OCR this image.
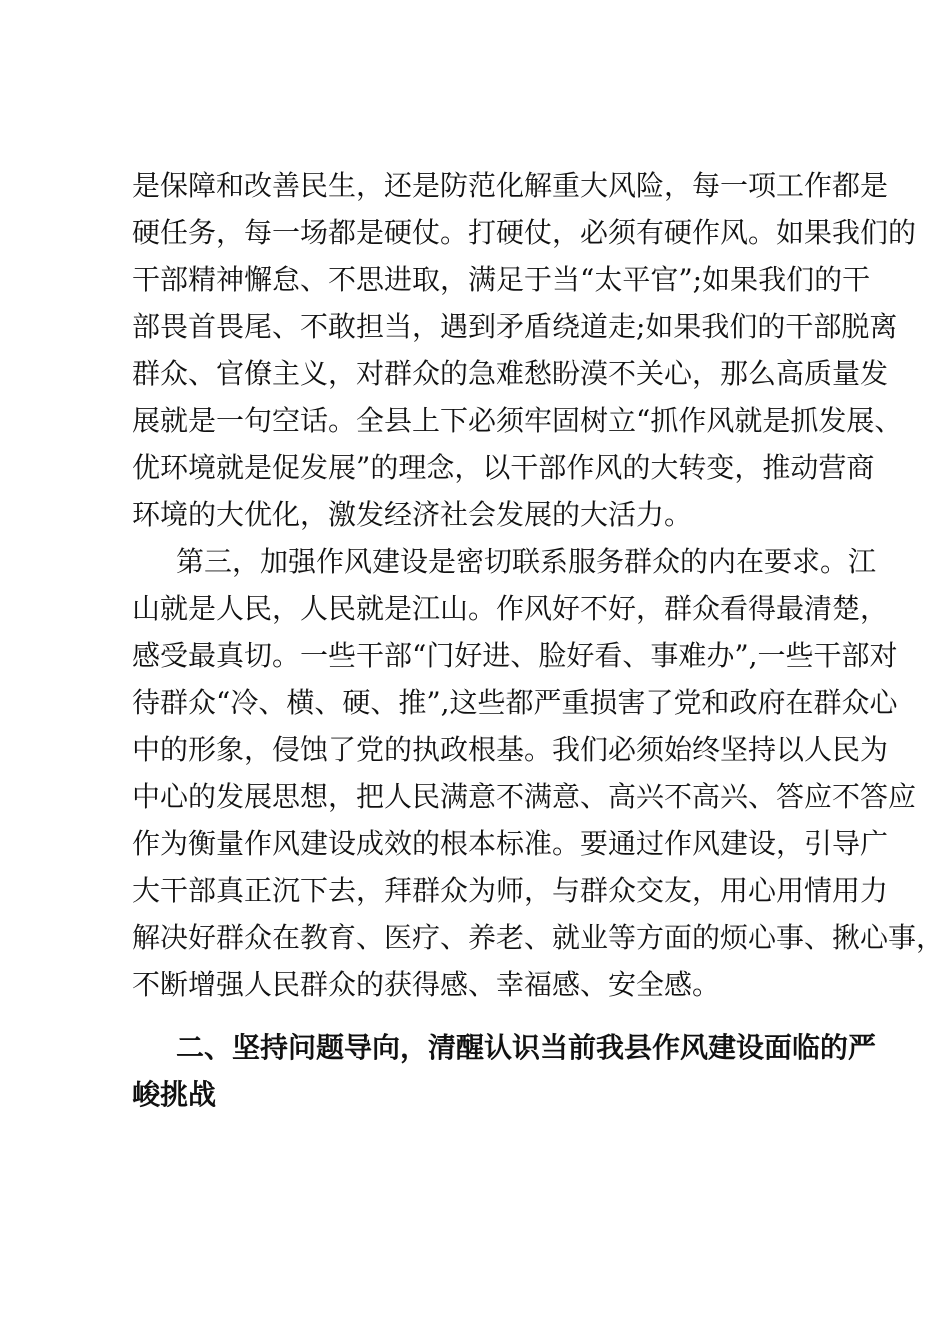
是保障和改善民生，还是防范化解重大风险，每一项工作都是
硬任务，每一场都是硬仗。打硬仗，必须有硬作风。如果我们的
干部精神懈怠、不思进取，满足于当“太平官”;如果我们的干
部畏首畏尾、不敢担当，遇到矛盾绕道走;如果我们的干部脱离
群众、官僚主义，对群众的急难愁盼漠不关心，那么高质量发
展就是一句空话。全县上下必须牢固树立“抓作风就是抓发展、
优环境就是促发展”的理念，以干部作风的大转变，推动营商
环境的大优化，激发经济社会发展的大活力。
第三，加强作风建设是密切联系服务群众的内在要求。江
山就是人民，人民就是江山。作风好不好，群众看得最清楚，
感受最真切。一些干部“门好进、脸好看、事难办”,一些干部对
待群众“冷、横、硬、推”,这些都严重损害了党和政府在群众心
中的形象，侵蚀了党的执政根基。我们必须始终坚持以人民为
中心的发展思想，把人民满意不满意、高兴不高兴、答应不答应
作为衡量作风建设成效的根本标准。要通过作风建设，引导广
大干部真正沉下去，拜群众为师，与群众交友，用心用情用力
解决好群众在教育、医疗、养老、就业等方面的烦心事、揪心事，
不断增强人民群众的获得感、幸福感、安全感。
二、坚持问题导向，清醒认识当前我县作风建设面临的严
峻挑战
